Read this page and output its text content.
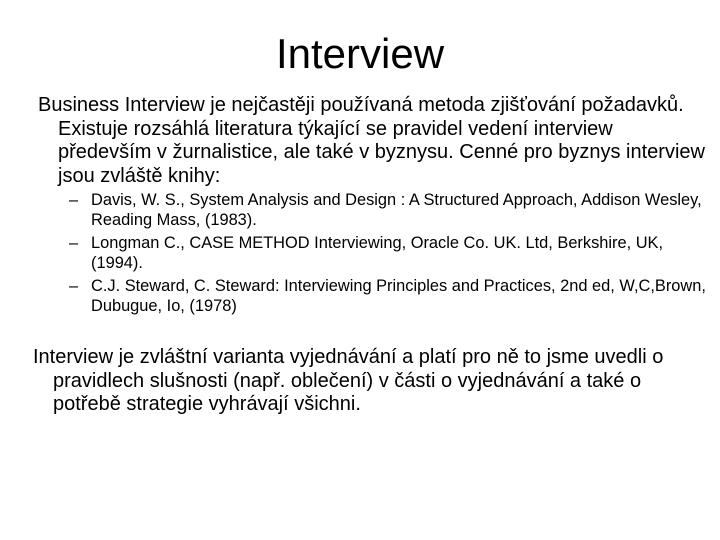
Interview

Business Interview je nejčastěji používaná metoda zjišťování požadavků. Existuje rozsáhlá literatura týkající se pravidel vedení interview především v žurnalistice, ale také v byznysu. Cenné pro byznys interview jsou zvláště knihy:

– Davis, W. S., System Analysis and Design : A Structured Approach, Addison Wesley, Reading Mass, (1983).
– Longman C., CASE METHOD Interviewing, Oracle Co. UK. Ltd, Berkshire, UK, (1994).
– C.J. Steward, C. Steward: Interviewing Principles and Practices, 2nd ed, W,C,Brown, Dubugue, Io, (1978)

Interview je zvláštní varianta vyjednávání a platí pro ně to jsme uvedli o pravidlech slušnosti (např. oblečení) v části o vyjednávání a také o potřebě strategie vyhrávají všichni.
